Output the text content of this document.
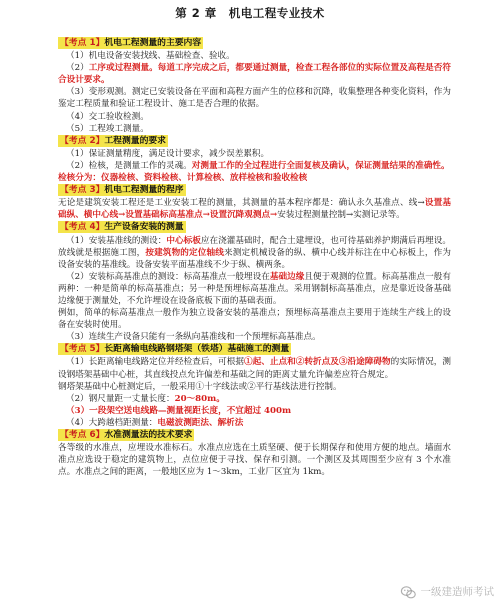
第 2 章　机电工程专业技术
【考点 1】机电工程测量的主要内容

（1）机电设备安装找线、基础检查、验收。

（2）工序或过程测量。每道工序完成之后，都要通过测量，检查工程各部位的实际位置及高程是否符合设计要求。

（3）变形观测。测定已安装设备在平面和高程方面产生的位移和沉降，收集整理各种变化资料，作为鉴定工程质量和验证工程设计、施工是否合理的依据。

（4）交工验收检测。

（5）工程竣工测量。

【考点 2】工程测量的要求

（1）保证测量精度，满足设计要求，减少误差累积。

（2）检核，是测量工作的灵魂。对测量工作的全过程进行全面复核及确认，保证测量结果的准确性。

检核分为：仪器检核、资料检核、计算检核、放样检核和验收检核

【考点 3】机电工程测量的程序

无论是建筑安装工程还是工业安装工程的测量，其测量的基本程序都是：确认永久基准点、线→设置基础纵、横中心线→设置基础标高基准点→设置沉降观测点→安装过程测量控制→实测记录等。

【考点 4】生产设备安装的测量

（1）安装基准线的测设：中心标板应在浇灌基础时，配合土建埋设，也可待基础养护期满后再埋设。放线就是根据施工图，按建筑物的定位轴线来测定机械设备的纵、横中心线并标注在中心标板上，作为设备安装的基准线。设备安装平面基准线不少于纵、横两条。

（2）安装标高基准点的测设：标高基准点一般埋设在基础边缘且便于观测的位置。标高基准点一般有两种：一种是简单的标高基准点；另一种是预埋标高基准点。采用钢制标高基准点，应是靠近设备基础边缘便于测量处，不允许埋设在设备底板下面的基础表面。

例如，简单的标高基准点一般作为独立设备安装的基准点；预埋标高基准点主要用于连续生产线上的设备在安装时使用。

（3）连续生产设备只能有一条纵向基准线和一个预埋标高基准点。

【考点 5】长距离输电线路钢塔架（铁塔）基础施工的测量

（1）长距离输电线路定位并经检查后，可根据①起、止点和②转折点及③沿途障碍物的实际情况，测设钢塔架基础中心桩，其直线投点允许偏差和基础之间的距离丈量允许偏差应符合规定。

钢塔架基础中心桩测定后，一般采用①十字线法或②平行基线法进行控制。

（2）钢尺量距一丈量长度：20～80m。

（3）一段架空送电线路—测量视距长度，不宜超过 400m

（4）大跨越档距测量：电磁波测距法、解析法

【考点 6】水准测量法的技术要求

各等级的水准点，应埋设水准标石。水准点应选在土质坚硬、便于长期保存和使用方便的地点。墙面水准点应选设于稳定的建筑物上，点位应便于寻找、保存和引测。一个测区及其周围至少应有 3 个水准点。水准点之间的距离，一般地区应为 1～3km，工业厂区宜为 1km。

一级建造师考试
